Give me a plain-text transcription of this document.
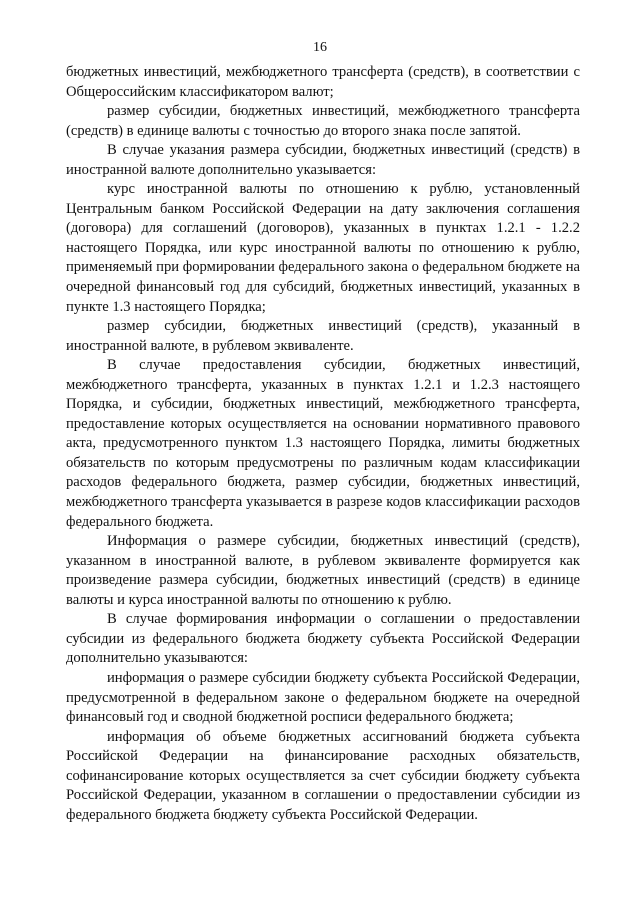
16

бюджетных инвестиций, межбюджетного трансферта (средств), в соответствии с Общероссийским классификатором валют;

размер субсидии, бюджетных инвестиций, межбюджетного трансферта (средств) в единице валюты с точностью до второго знака после запятой.

В случае указания размера субсидии, бюджетных инвестиций (средств) в иностранной валюте дополнительно указывается:

курс иностранной валюты по отношению к рублю, установленный Центральным банком Российской Федерации на дату заключения соглашения (договора) для соглашений (договоров), указанных в пунктах 1.2.1 - 1.2.2 настоящего Порядка, или курс иностранной валюты по отношению к рублю, применяемый при формировании федерального закона о федеральном бюджете на очередной финансовый год для субсидий, бюджетных инвестиций, указанных в пункте 1.3 настоящего Порядка;

размер субсидии, бюджетных инвестиций (средств), указанный в иностранной валюте, в рублевом эквиваленте.

В случае предоставления субсидии, бюджетных инвестиций, межбюджетного трансферта, указанных в пунктах 1.2.1 и 1.2.3 настоящего Порядка, и субсидии, бюджетных инвестиций, межбюджетного трансферта, предоставление которых осуществляется на основании нормативного правового акта, предусмотренного пунктом 1.3 настоящего Порядка, лимиты бюджетных обязательств по которым предусмотрены по различным кодам классификации расходов федерального бюджета, размер субсидии, бюджетных инвестиций, межбюджетного трансферта указывается в разрезе кодов классификации расходов федерального бюджета.

Информация о размере субсидии, бюджетных инвестиций (средств), указанном в иностранной валюте, в рублевом эквиваленте формируется как произведение размера субсидии, бюджетных инвестиций (средств) в единице валюты и курса иностранной валюты по отношению к рублю.

В случае формирования информации о соглашении о предоставлении субсидии из федерального бюджета бюджету субъекта Российской Федерации дополнительно указываются:

информация о размере субсидии бюджету субъекта Российской Федерации, предусмотренной в федеральном законе о федеральном бюджете на очередной финансовый год и сводной бюджетной росписи федерального бюджета;

информация об объеме бюджетных ассигнований бюджета субъекта Российской Федерации на финансирование расходных обязательств, софинансирование которых осуществляется за счет субсидии бюджету субъекта Российской Федерации, указанном в соглашении о предоставлении субсидии из федерального бюджета бюджету субъекта Российской Федерации.
